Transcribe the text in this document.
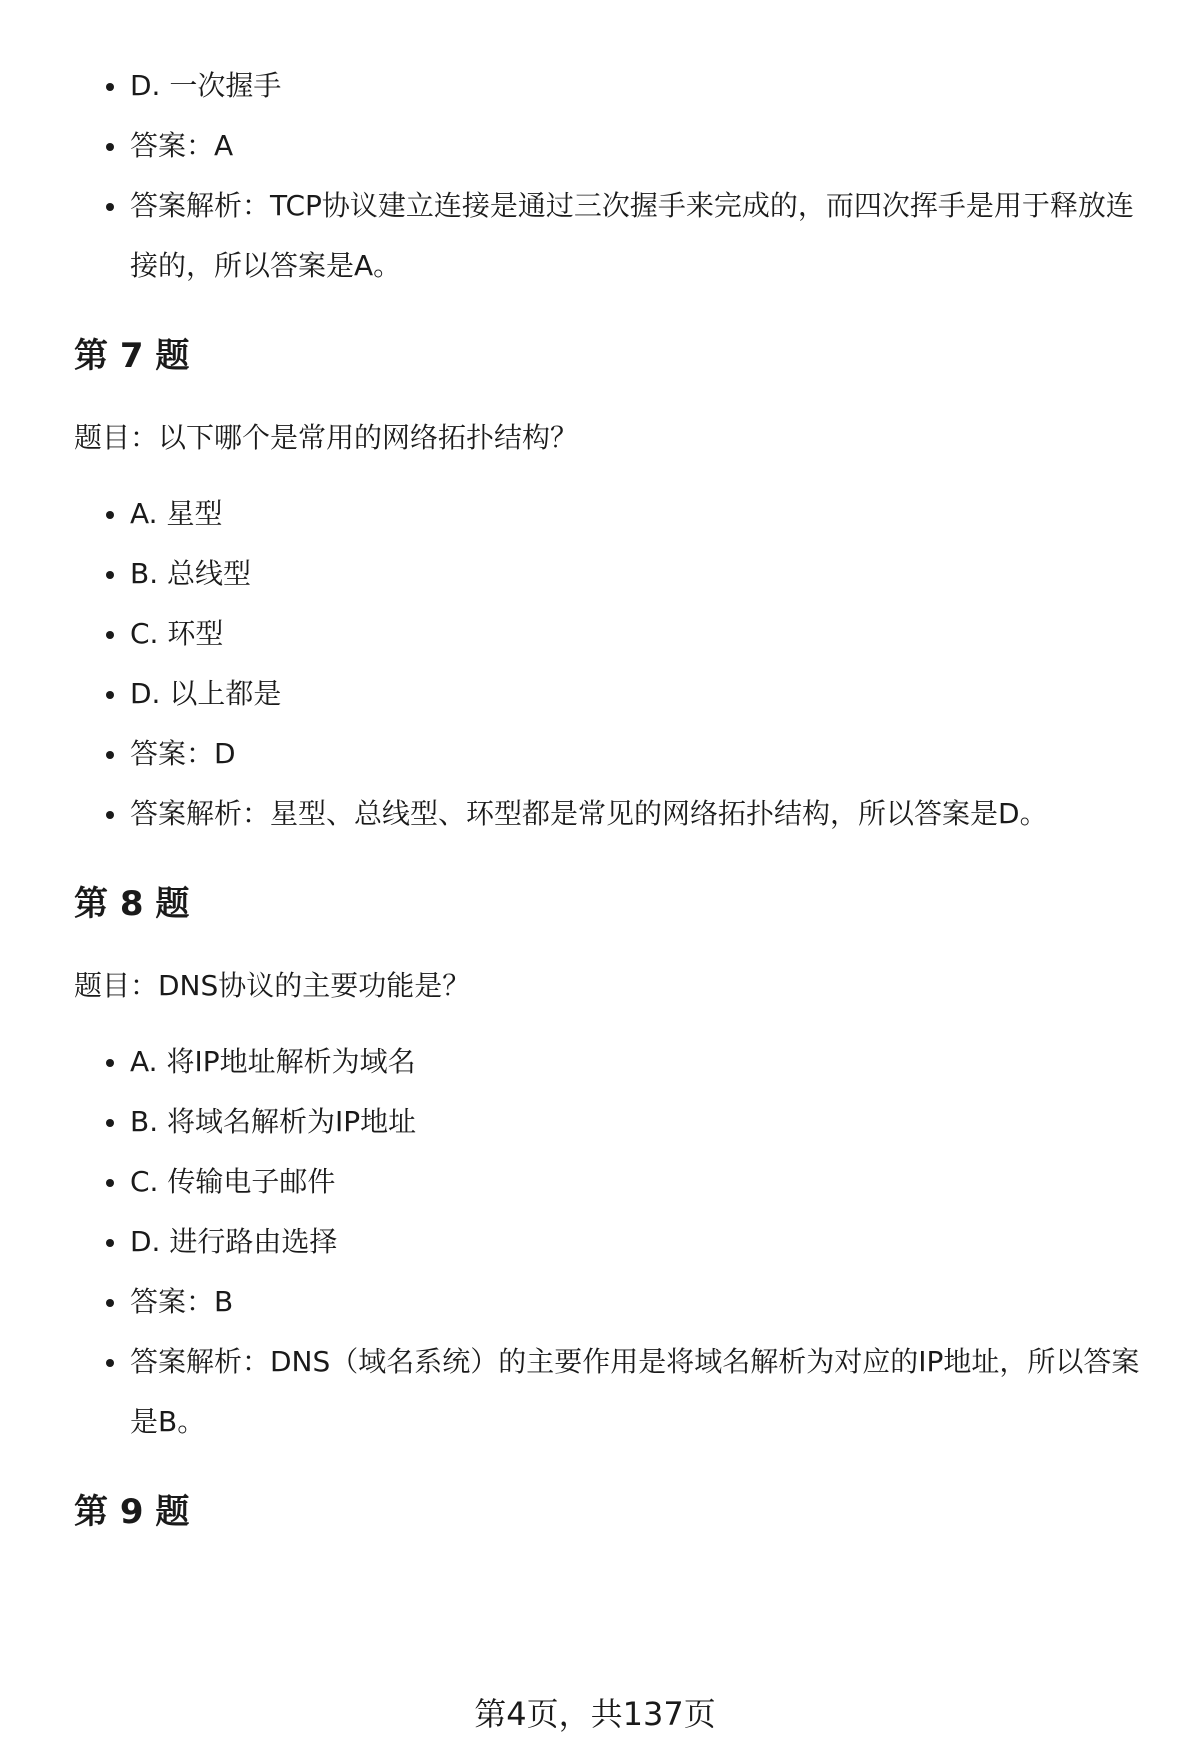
D. 一次握手
答案：A
答案解析：TCP协议建立连接是通过三次握手来完成的，而四次挥手是用于释放连接的，所以答案是A。
第 7 题
题目：以下哪个是常用的网络拓扑结构？
A. 星型
B. 总线型
C. 环型
D. 以上都是
答案：D
答案解析：星型、总线型、环型都是常见的网络拓扑结构，所以答案是D。
第 8 题
题目：DNS协议的主要功能是？
A. 将IP地址解析为域名
B. 将域名解析为IP地址
C. 传输电子邮件
D. 进行路由选择
答案：B
答案解析：DNS（域名系统）的主要作用是将域名解析为对应的IP地址，所以答案是B。
第 9 题
第4页，共137页
